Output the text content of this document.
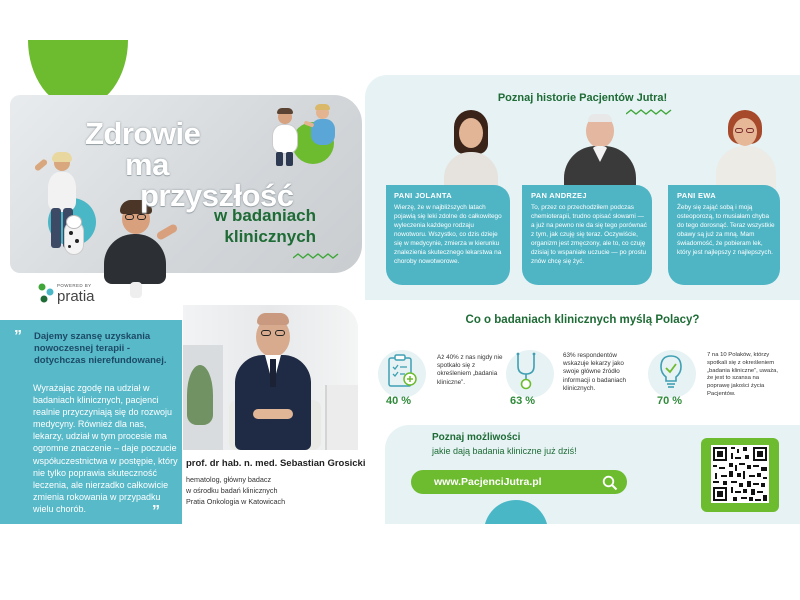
Zdrowie
ma
przyszłość
w badaniach
klinicznych
POWERED BY
pratia
” Dajemy szansę uzyskania nowoczesnej terapii - dotychczas nierefundowanej.
Wyrażając zgodę na udział w badaniach klinicznych, pacjenci realnie przyczyniają się do rozwoju medycyny. Również dla nas, lekarzy, udział w tym procesie ma ogromne znaczenie – daje poczucie współuczestnictwa w postępie, który nie tylko poprawia skuteczność leczenia, ale nierzadko całkowicie zmienia rokowania w przypadku wielu chorób.	”
prof. dr hab. n. med. Sebastian Grosicki
hematolog, główny badacz
w ośrodku badań klinicznych
Pratia Onkologia w Katowicach
Poznaj historie Pacjentów Jutra!
PANI JOLANTA
Wierzę, że w najbliższych latach pojawią się leki zdolne do całkowitego wyleczenia każdego rodzaju nowotworu. Wszystko, co dzis dzieje się w medycynie, zmierza w kierunku znalezienia skutecznego lekarstwa na choroby nowotworowe.
PAN ANDRZEJ
To, przez co przechodziłem podczas chemioterapii, trudno opisać słowami — a już na pewno nie da się tego porównać z tym, jak czuję się teraz. Oczywiście, organizm jest zmęczony, ale to, co czuję dzisiaj to wspaniałe uczucie — po prostu znów chcę się żyć.
PANI EWA
Żeby się zająć sobą i moją osteoporozą, to musiałam chyba do tego dorosnąć. Teraz wszystkie obawy są już za mną. Mam świadomość, że pobieram lek, który jest najlepszy z najlepszych.
Co o badaniach klinicznych myślą Polacy?
40 %
Aż 40% z nas nigdy nie spotkało się z określeniem „badania kliniczne”.
63 %
63% respondentów wskazuje lekarzy jako swoje główne źródło informacji o badaniach klinicznych.
70 %
7 na 10 Polaków, którzy spotkali się z określeniem „badania kliniczne”, uważa, że jest to szansa na poprawę jakości życia Pacjentów.
Poznaj możliwości
jakie dają badania kliniczne już dziś!
www.PacjenciJutra.pl
